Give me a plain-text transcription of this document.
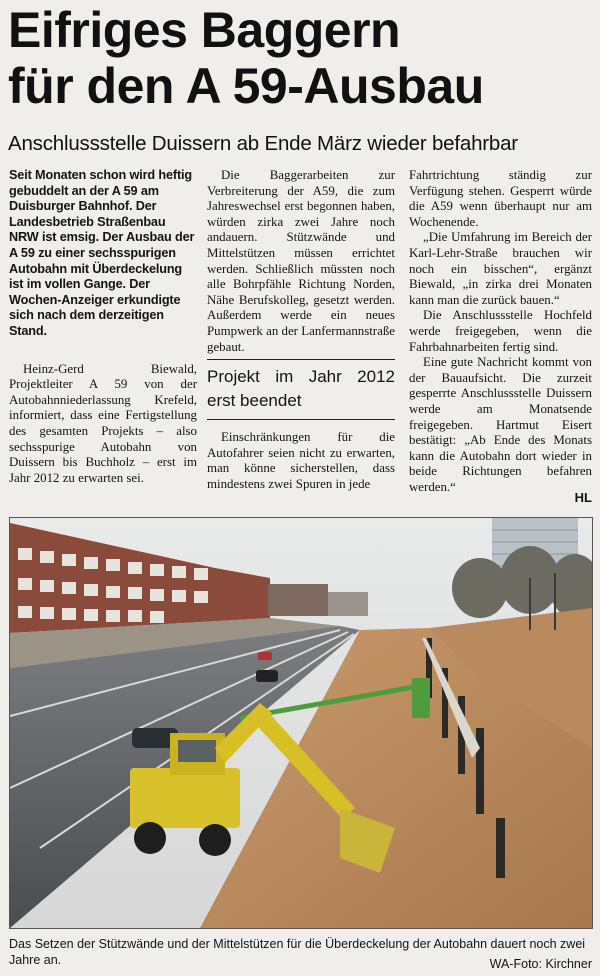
Eifriges Baggern
für den A 59-Ausbau

Anschlussstelle Duissern ab Ende März wieder befahrbar

Seit Monaten schon wird heftig gebuddelt an der A 59 am Duisburger Bahnhof. Der Landesbetrieb Straßenbau NRW ist emsig. Der Ausbau der A 59 zu einer sechsspurigen Autobahn mit Überdeckelung ist im vollen Gange. Der Wochen-Anzeiger erkundigte sich nach dem derzeitigen Stand.

Heinz-Gerd Biewald, Projektleiter A 59 von der Autobahnniederlassung Krefeld, informiert, dass eine Fertigstellung des gesamten Projekts – also sechsspurige Autobahn von Duissern bis Buchholz – erst im Jahr 2012 zu erwarten sei.

Die Baggerarbeiten zur Verbreiterung der A59, die zum Jahreswechsel erst begonnen haben, würden zirka zwei Jahre noch andauern. Stützwände und Mittelstützen müssen errichtet werden. Schließlich müssten noch alle Bohrpfähle Richtung Norden, Nähe Berufskolleg, gesetzt werden. Außerdem werde ein neues Pumpwerk an der Lanfermannstraße gebaut.

Projekt im Jahr 2012 erst beendet

Einschränkungen für die Autofahrer seien nicht zu erwarten, man könne sicherstellen, dass mindestens zwei Spuren in jede

Fahrtrichtung ständig zur Verfügung stehen. Gesperrt würde die A59 wenn überhaupt nur am Wochenende.

„Die Umfahrung im Bereich der Karl-Lehr-Straße brauchen wir noch ein bisschen“, ergänzt Biewald, „in zirka drei Monaten kann man die zurück bauen.“

Die Anschlussstelle Hochfeld werde freigegeben, wenn die Fahrbahnarbeiten fertig sind.

Eine gute Nachricht kommt von der Bauaufsicht. Die zurzeit gesperrte Anschlussstelle Duissern werde am Monatsende freigegeben. Hartmut Eisert bestätigt: „Ab Ende des Monats kann die Autobahn dort wieder in beide Richtungen befahren werden.“

HL

Das Setzen der Stützwände und der Mittelstützen für die Überdeckelung der Autobahn dauert noch zwei Jahre an.	WA-Foto: Kirchner
